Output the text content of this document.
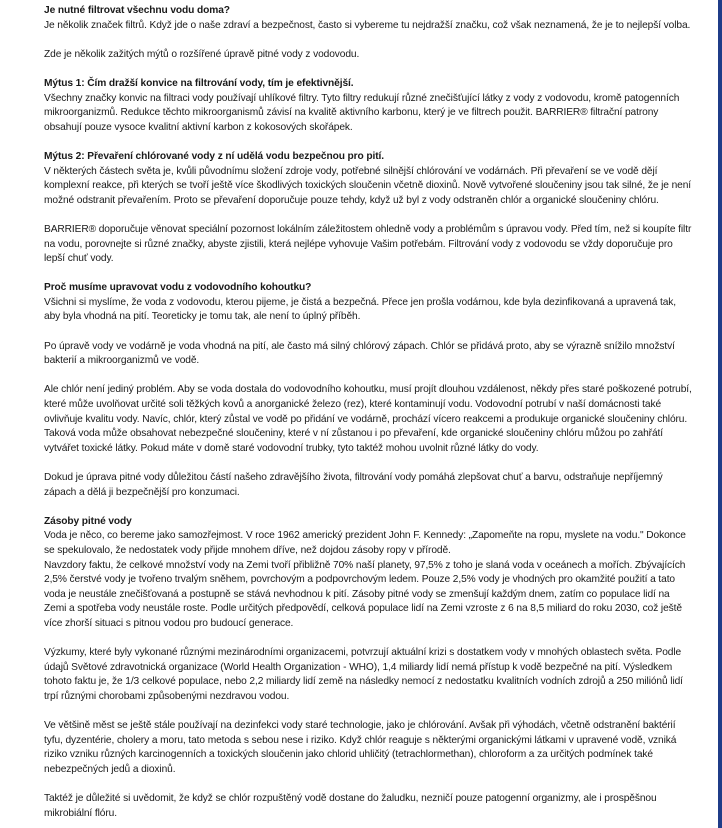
Je nutné filtrovat všechnu vodu doma?

Je několik značek filtrů. Když jde o naše zdraví a bezpečnost, často si vybereme tu nejdražší značku, což však neznamená, že je to nejlepší volba.

Zde je několik zažitých mýtů o rozšířené úpravě pitné vody z vodovodu.

Mýtus 1: Čím dražší konvice na filtrování vody, tím je efektivnější.

Všechny značky konvic na filtraci vody používají uhlíkové filtry. Tyto filtry redukují různé znečišťující látky z vody z vodovodu, kromě patogenních mikroorganizmů. Redukce těchto mikroorganismů závisí na kvalitě aktivního karbonu, který je ve filtrech použit. BARRIER® filtrační patrony obsahují pouze vysoce kvalitní aktivní karbon z kokosových skořápek.

Mýtus 2: Převaření chlórované vody z ní udělá vodu bezpečnou pro pití.

V některých částech světa je, kvůli původnímu složení zdroje vody, potřebné silnější chlórování ve vodárnách. Při převaření se ve vodě dějí komplexní reakce, při kterých se tvoří ještě více škodlivých toxických sloučenin včetně dioxinů. Nově vytvořené sloučeniny jsou tak silné, že je není možné odstranit převařením. Proto se převaření doporučuje pouze tehdy, když už byl z vody odstraněn chlór a organické sloučeniny chlóru.

BARRIER® doporučuje věnovat speciální pozornost lokálním záležitostem ohledně vody a problémům s úpravou vody. Před tím, než si koupíte filtr na vodu, porovnejte si různé značky, abyste zjistili, která nejlépe vyhovuje Vašim potřebám. Filtrování vody z vodovodu se vždy doporučuje pro lepší chuť vody.

Proč musíme upravovat vodu z vodovodního kohoutku?

Všichni si myslíme, že voda z vodovodu, kterou pijeme, je čistá a bezpečná. Přece jen prošla vodárnou, kde byla dezinfikovaná a upravená tak, aby byla vhodná na pití. Teoreticky je tomu tak, ale není to úplný příběh.

Po úpravě vody ve vodárně je voda vhodná na pití, ale často má silný chlórový zápach. Chlór se přidává proto, aby se výrazně snížilo množství bakterií a mikroorganizmů ve vodě.

Ale chlór není jediný problém. Aby se voda dostala do vodovodního kohoutku, musí projít dlouhou vzdálenost, někdy přes staré poškozené potrubí, které může uvolňovat určité soli těžkých kovů a anorganické železo (rez), které kontaminují vodu. Vodovodní potrubí v naší domácnosti také ovlivňuje kvalitu vody. Navíc, chlór, který zůstal ve vodě po přidání ve vodárně, prochází vícero reakcemi a produkuje organické sloučeniny chlóru. Taková voda může obsahovat nebezpečné sloučeniny, které v ní zůstanou i po převaření, kde organické sloučeniny chlóru můžou po zahřátí vytvářet toxické látky. Pokud máte v domě staré vodovodní trubky, tyto taktéž mohou uvolnit různé látky do vody.

Dokud je úprava pitné vody důležitou částí našeho zdravějšího života, filtrování vody pomáhá zlepšovat chuť a barvu, odstraňuje nepříjemný zápach a dělá ji bezpečnější pro konzumaci.

Zásoby pitné vody

Voda je něco, co bereme jako samozřejmost. V roce 1962 americký prezident John F. Kennedy: „Zapomeňte na ropu, myslete na vodu." Dokonce se spekulovalo, že nedostatek vody přijde mnohem dříve, než dojdou zásoby ropy v přírodě.

Navzdory faktu, že celkové množství vody na Zemi tvoří přibližně 70% naší planety, 97,5% z toho je slaná voda v oceánech a mořích. Zbývajících 2,5% čerstvé vody je tvořeno trvalým sněhem, povrchovým a podpovrchovým ledem. Pouze 2,5% vody je vhodných pro okamžité použití a tato voda je neustále znečišťovaná a postupně se stává nevhodnou k pití. Zásoby pitné vody se zmenšují každým dnem, zatím co populace lidí na Zemi a spotřeba vody neustále roste. Podle určitých předpovědí, celková populace lidí na Zemi vzroste z 6 na 8,5 miliard do roku 2030, což ještě více zhorší situaci s pitnou vodou pro budoucí generace.

Výzkumy, které byly vykonané různými mezinárodními organizacemi, potvrzují aktuální krizi s dostatkem vody v mnohých oblastech světa. Podle údajů Světové zdravotnická organizace (World Health Organization - WHO), 1,4 miliardy lidí nemá přístup k vodě bezpečné na pití. Výsledkem tohoto faktu je, že 1/3 celkové populace, nebo 2,2 miliardy lidí země na následky nemocí z nedostatku kvalitních vodních zdrojů a 250 miliónů lidí trpí různými chorobami způsobenými nezdravou vodou.

Ve většině měst se ještě stále používají na dezinfekci vody staré technologie, jako je chlórování. Avšak při výhodách, včetně odstranění baktérií tyfu, dyzentérie, cholery a moru, tato metoda s sebou nese i riziko. Když chlór reaguje s některými organickými látkami v upravené vodě, vzniká riziko vzniku různých karcinogenních a toxických sloučenin jako chlorid uhličitý (tetrachlormethan), chloroform a za určitých podmínek také nebezpečných jedů a dioxinů.

Taktéž je důležité si uvědomit, že když se chlór rozpuštěný vodě dostane do žaludku, nezničí pouze patogenní organizmy, ale i prospěšnou mikrobiální flóru.
